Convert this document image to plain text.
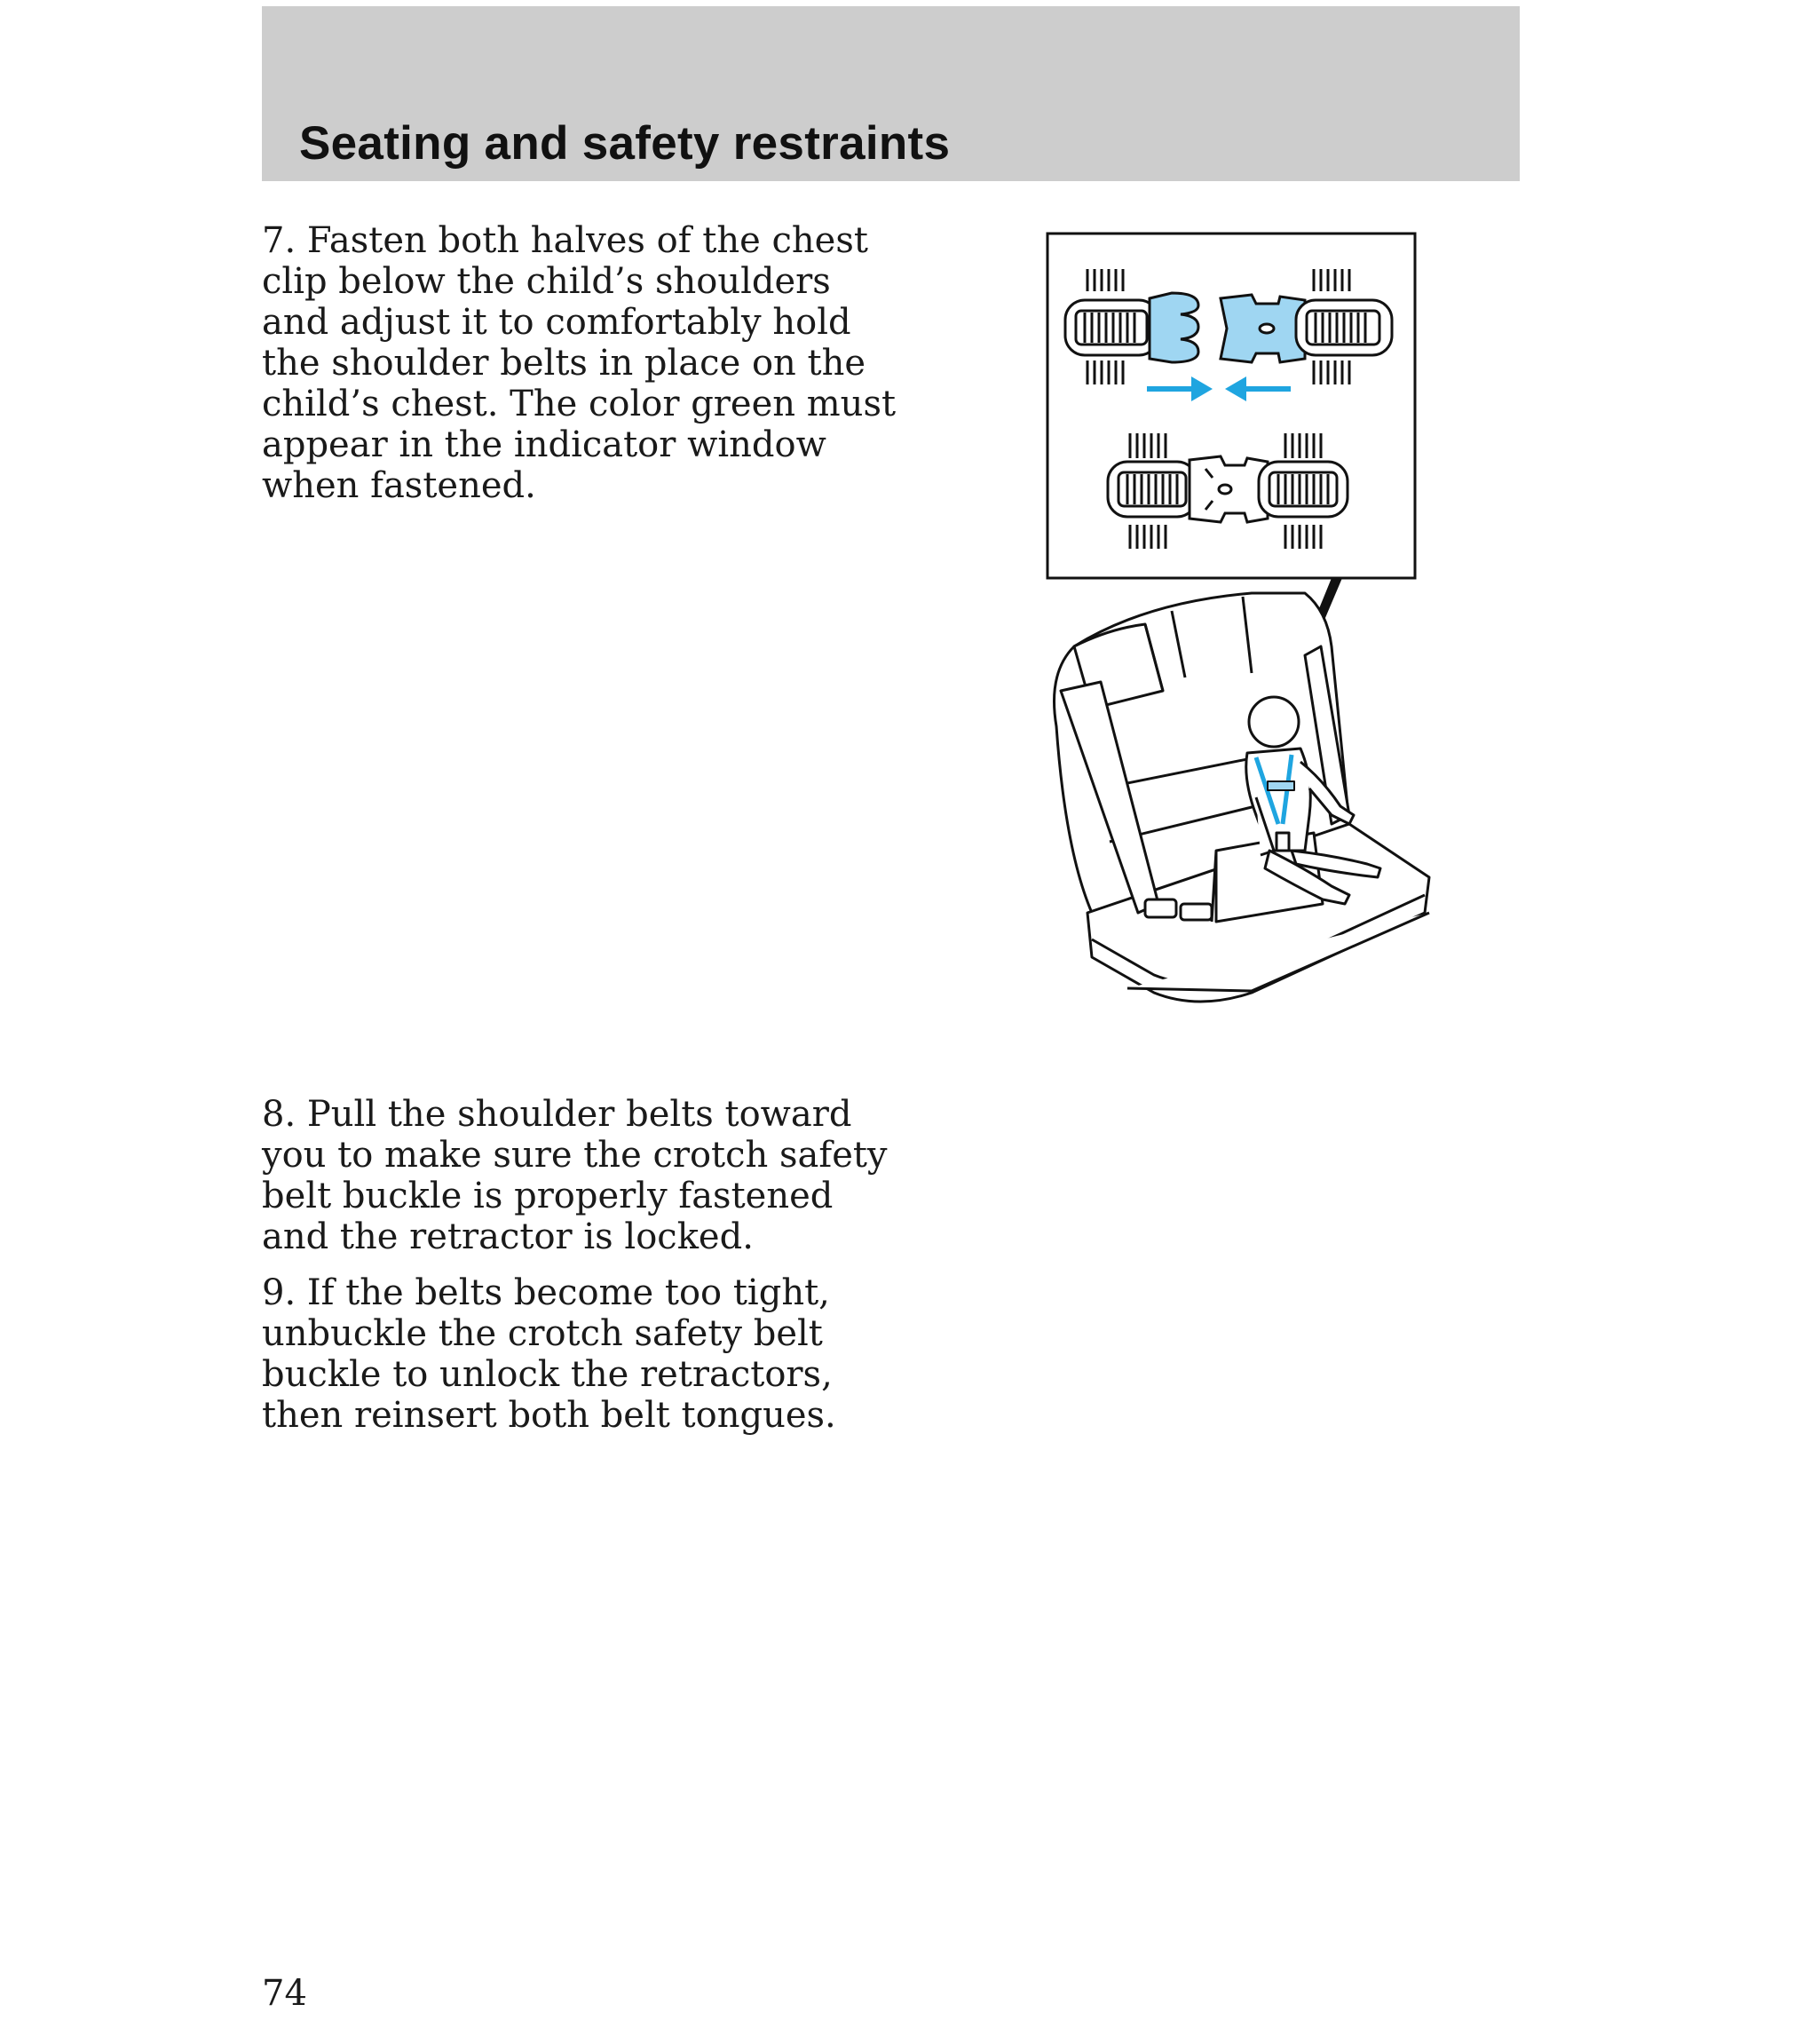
Seating and safety restraints

7. Fasten both halves of the chest clip below the child’s shoulders and adjust it to comfortably hold the shoulder belts in place on the child’s chest. The color green must appear in the indicator window when fastened.

8. Pull the shoulder belts toward you to make sure the crotch safety belt buckle is properly fastened and the retractor is locked.

9. If the belts become too tight, unbuckle the crotch safety belt buckle to unlock the retractors, then reinsert both belt tongues.

74
